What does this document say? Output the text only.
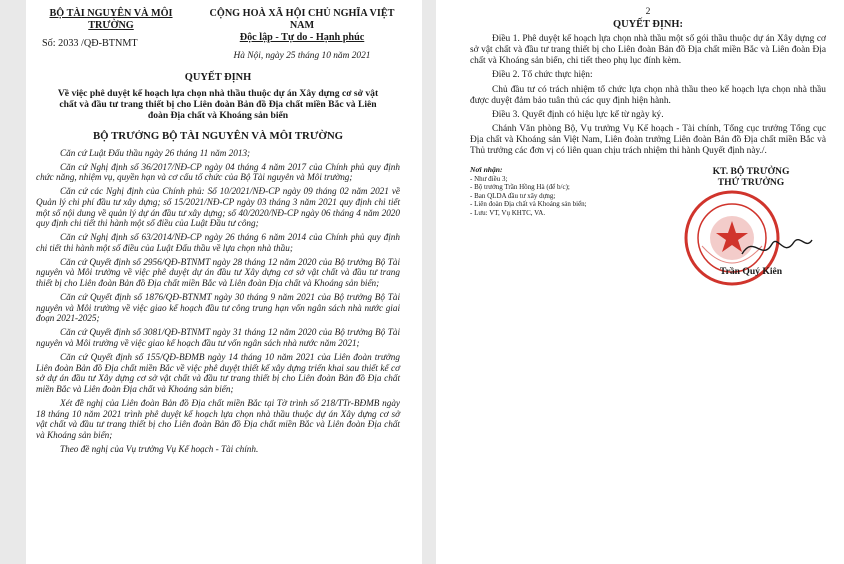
BỘ TÀI NGUYÊN VÀ MÔI TRƯỜNG
Số: 2033 /QĐ-BTNMT
CỘNG HOÀ XÃ HỘI CHỦ NGHĨA VIỆT NAM
Độc lập - Tự do - Hạnh phúc
Hà Nội, ngày 25 tháng 10 năm 2021
QUYẾT ĐỊNH
Về việc phê duyệt kế hoạch lựa chọn nhà thầu thuộc dự án Xây dựng cơ sở vật chất và đầu tư trang thiết bị cho Liên đoàn Bản đồ Địa chất miền Bắc và Liên đoàn Địa chất và Khoáng sản biển
BỘ TRƯỞNG BỘ TÀI NGUYÊN VÀ MÔI TRƯỜNG

Căn cứ Luật Đấu thầu ngày 26 tháng 11 năm 2013;

Căn cứ Nghị định số 36/2017/NĐ-CP ngày 04 tháng 4 năm 2017 của Chính phủ quy định chức năng, nhiệm vụ, quyền hạn và cơ cấu tổ chức của Bộ Tài nguyên và Môi trường;

Căn cứ các Nghị định của Chính phủ: Số 10/2021/NĐ-CP ngày 09 tháng 02 năm 2021 về Quản lý chi phí đầu tư xây dựng; số 15/2021/NĐ-CP ngày 03 tháng 3 năm 2021 quy định chi tiết một số nội dung về quản lý dự án đầu tư xây dựng; số 40/2020/NĐ-CP ngày 06 tháng 4 năm 2020 quy định chi tiết thi hành một số điều của Luật Đầu tư công;

Căn cứ Nghị định số 63/2014/NĐ-CP ngày 26 tháng 6 năm 2014 của Chính phủ quy định chi tiết thi hành một số điều của Luật Đấu thầu về lựa chọn nhà thầu;

Căn cứ Quyết định số 2956/QĐ-BTNMT ngày 28 tháng 12 năm 2020 của Bộ trưởng Bộ Tài nguyên và Môi trường về việc phê duyệt dự án đầu tư Xây dựng cơ sở vật chất và đầu tư trang thiết bị cho Liên đoàn Bản đồ Địa chất miền Bắc và Liên đoàn Địa chất và Khoáng sản biển;

Căn cứ Quyết định số 1876/QĐ-BTNMT ngày 30 tháng 9 năm 2021 của Bộ trưởng Bộ Tài nguyên và Môi trường về việc giao kế hoạch đầu tư công trung hạn vốn ngân sách nhà nước giai đoạn 2021-2025;

Căn cứ Quyết định số 3081/QĐ-BTNMT ngày 31 tháng 12 năm 2020 của Bộ trưởng Bộ Tài nguyên và Môi trường về việc giao kế hoạch đầu tư vốn ngân sách nhà nước năm 2021;

Căn cứ Quyết định số 155/QĐ-BĐMB ngày 14 tháng 10 năm 2021 của Liên đoàn trưởng Liên đoàn Bản đồ Địa chất miền Bắc về việc phê duyệt thiết kế xây dựng triển khai sau thiết kế cơ sở dự án đầu tư Xây dựng cơ sở vật chất và đầu tư trang thiết bị cho Liên đoàn Bản đồ Địa chất miền Bắc và Liên đoàn Địa chất và Khoáng sản biển;

Xét đề nghị của Liên đoàn Bản đồ Địa chất miền Bắc tại Tờ trình số 218/TTr-BĐMB ngày 18 tháng 10 năm 2021 trình phê duyệt kế hoạch lựa chọn nhà thầu thuộc dự án Xây dựng cơ sở vật chất và đầu tư trang thiết bị cho Liên đoàn Bản đồ Địa chất miền Bắc và Liên đoàn Địa chất và Khoáng sản biển;

Theo đề nghị của Vụ trưởng Vụ Kế hoạch - Tài chính.

2
QUYẾT ĐỊNH:

Điều 1. Phê duyệt kế hoạch lựa chọn nhà thầu một số gói thầu thuộc dự án Xây dựng cơ sở vật chất và đầu tư trang thiết bị cho Liên đoàn Bản đồ Địa chất miền Bắc và Liên đoàn Địa chất và Khoáng sản biển, chi tiết theo phụ lục đính kèm.

Điều 2. Tổ chức thực hiện:

Chủ đầu tư có trách nhiệm tổ chức lựa chọn nhà thầu theo kế hoạch lựa chọn nhà thầu được duyệt đảm bảo tuân thủ các quy định hiện hành.

Điều 3. Quyết định có hiệu lực kể từ ngày ký.

Chánh Văn phòng Bộ, Vụ trưởng Vụ Kế hoạch - Tài chính, Tổng cục trưởng Tổng cục Địa chất và Khoáng sản Việt Nam, Liên đoàn trưởng Liên đoàn Bản đồ Địa chất miền Bắc và Thủ trưởng các đơn vị có liên quan chịu trách nhiệm thi hành Quyết định này./.

Nơi nhận:
- Như điều 3;
- Bộ trưởng Trần Hồng Hà (để b/c);
- Ban QLDA đầu tư xây dựng;
- Liên đoàn Địa chất và Khoáng sản biển;
- Lưu: VT, Vụ KHTC, VA.
KT. BỘ TRƯỞNG
THỨ TRƯỞNG
Trần Quý Kiên
